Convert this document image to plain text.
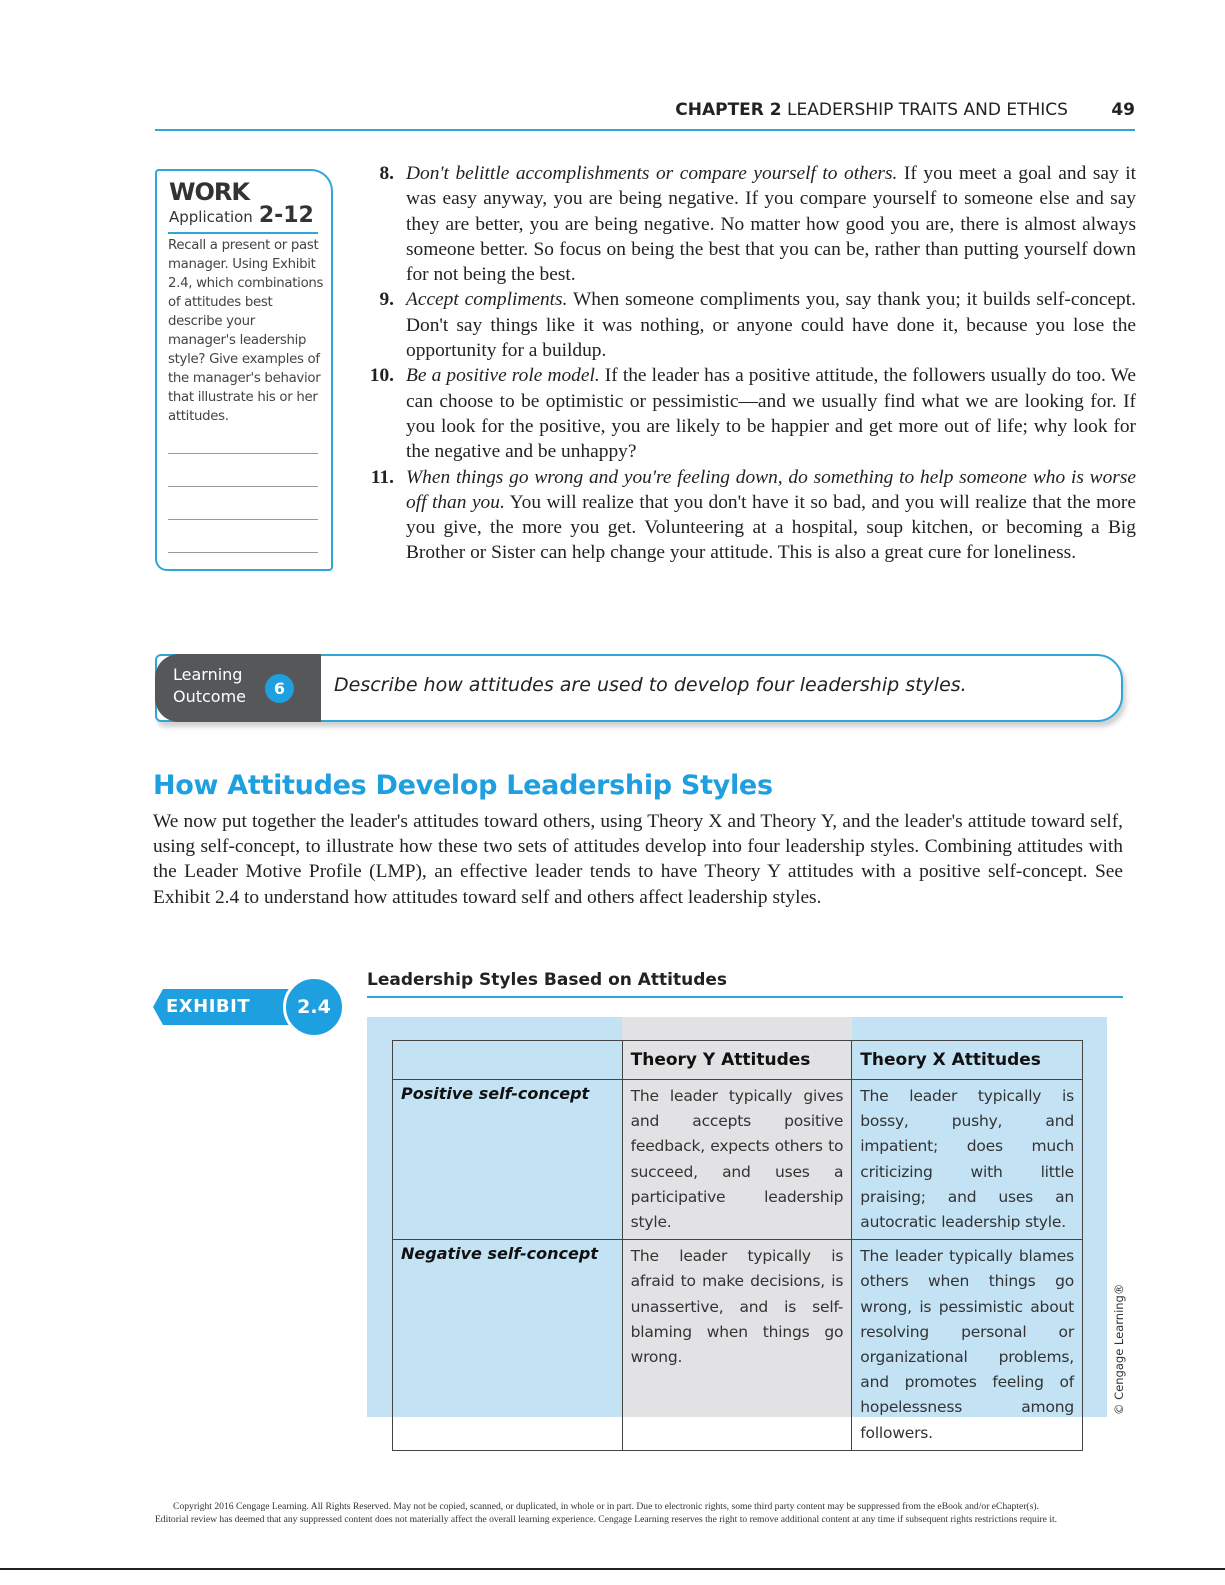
CHAPTER 2 LEADERSHIP TRAITS AND ETHICS	49
WORK
Application 2-12
Recall a present or past manager. Using Exhibit 2.4, which combinations of attitudes best describe your manager's leadership style? Give examples of the manager's behavior that illustrate his or her attitudes.
8. Don't belittle accomplishments or compare yourself to others. If you meet a goal and say it was easy anyway, you are being negative. If you compare yourself to someone else and say they are better, you are being negative. No matter how good you are, there is almost always someone better. So focus on being the best that you can be, rather than putting yourself down for not being the best.
9. Accept compliments. When someone compliments you, say thank you; it builds self-concept. Don't say things like it was nothing, or anyone could have done it, because you lose the opportunity for a buildup.
10. Be a positive role model. If the leader has a positive attitude, the followers usually do too. We can choose to be optimistic or pessimistic—and we usually find what we are looking for. If you look for the positive, you are likely to be happier and get more out of life; why look for the negative and be unhappy?
11. When things go wrong and you're feeling down, do something to help someone who is worse off than you. You will realize that you don't have it so bad, and you will realize that the more you give, the more you get. Volunteering at a hospital, soup kitchen, or becoming a Big Brother or Sister can help change your attitude. This is also a great cure for loneliness.
Learning
Outcome	6	Describe how attitudes are used to develop four leadership styles.
How Attitudes Develop Leadership Styles
We now put together the leader's attitudes toward others, using Theory X and Theory Y, and the leader's attitude toward self, using self-concept, to illustrate how these two sets of attitudes develop into four leadership styles. Combining attitudes with the Leader Motive Profile (LMP), an effective leader tends to have Theory Y attitudes with a positive self-concept. See Exhibit 2.4 to understand how attitudes toward self and others affect leadership styles.
EXHIBIT	2.4
Leadership Styles Based on Attitudes
	Theory Y Attitudes	Theory X Attitudes
Positive self-concept	The leader typically gives and accepts positive feedback, expects others to succeed, and uses a participative leadership style.	The leader typically is bossy, pushy, and impatient; does much criticizing with little praising; and uses an autocratic leadership style.
Negative self-concept	The leader typically is afraid to make decisions, is unassertive, and is self-blaming when things go wrong.	The leader typically blames others when things go wrong, is pessimistic about resolving personal or organizational problems, and promotes feeling of hopelessness among followers.
© Cengage Learning®
Copyright 2016 Cengage Learning. All Rights Reserved. May not be copied, scanned, or duplicated, in whole or in part. Due to electronic rights, some third party content may be suppressed from the eBook and/or eChapter(s).
Editorial review has deemed that any suppressed content does not materially affect the overall learning experience. Cengage Learning reserves the right to remove additional content at any time if subsequent rights restrictions require it.
